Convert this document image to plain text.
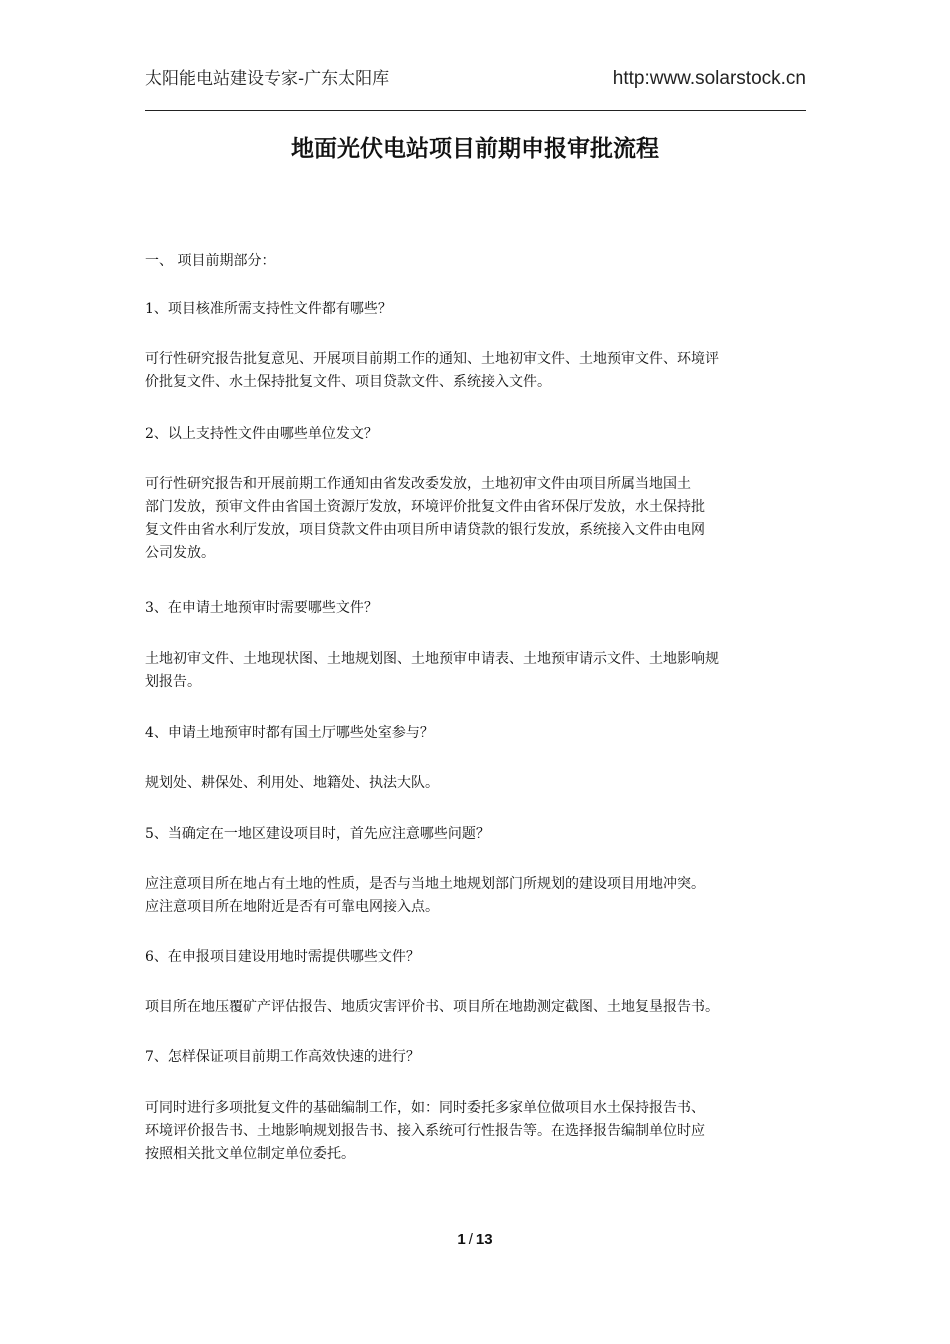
太阳能电站建设专家-广东太阳库	http:www.solarstock.cn
地面光伏电站项目前期申报审批流程

一、 项目前期部分：

1、项目核准所需支持性文件都有哪些？

可行性研究报告批复意见、开展项目前期工作的通知、土地初审文件、土地预审文件、环境评
价批复文件、水土保持批复文件、项目贷款文件、系统接入文件。

2、以上支持性文件由哪些单位发文？

可行性研究报告和开展前期工作通知由省发改委发放，土地初审文件由项目所属当地国土
部门发放，预审文件由省国土资源厅发放，环境评价批复文件由省环保厅发放，水土保持批
复文件由省水利厅发放，项目贷款文件由项目所申请贷款的银行发放，系统接入文件由电网
公司发放。

3、在申请土地预审时需要哪些文件？

土地初审文件、土地现状图、土地规划图、土地预审申请表、土地预审请示文件、土地影响规
划报告。

4、申请土地预审时都有国土厅哪些处室参与？

规划处、耕保处、利用处、地籍处、执法大队。

5、当确定在一地区建设项目时，首先应注意哪些问题？

应注意项目所在地占有土地的性质，是否与当地土地规划部门所规划的建设项目用地冲突。
应注意项目所在地附近是否有可靠电网接入点。

6、在申报项目建设用地时需提供哪些文件？

项目所在地压覆矿产评估报告、地质灾害评价书、项目所在地勘测定截图、土地复垦报告书。

7、怎样保证项目前期工作高效快速的进行？

可同时进行多项批复文件的基础编制工作，如：同时委托多家单位做项目水土保持报告书、
环境评价报告书、土地影响规划报告书、接入系统可行性报告等。在选择报告编制单位时应
按照相关批文单位制定单位委托。

1 / 13
